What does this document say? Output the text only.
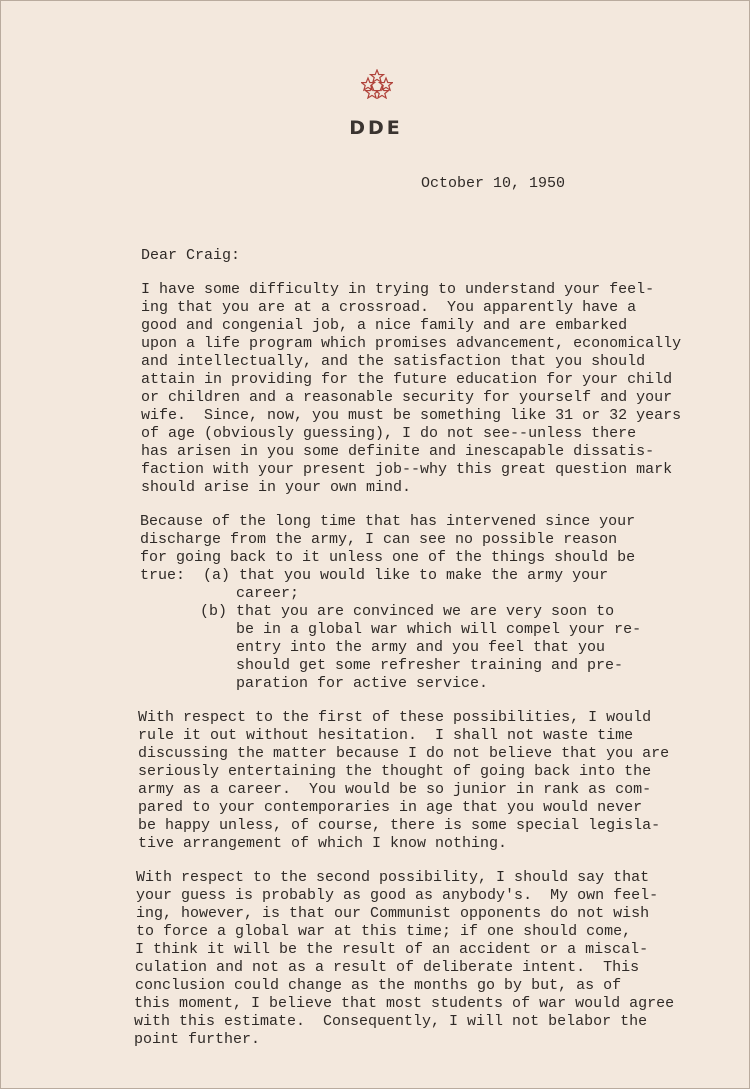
DDE
October 10, 1950
Dear Craig:
I have some difficulty in trying to understand your feel-
ing that you are at a crossroad.  You apparently have a
good and congenial job, a nice family and are embarked
upon a life program which promises advancement, economically
and intellectually, and the satisfaction that you should
attain in providing for the future education for your child
or children and a reasonable security for yourself and your
wife.  Since, now, you must be something like 31 or 32 years
of age (obviously guessing), I do not see--unless there
has arisen in you some definite and inescapable dissatis-
faction with your present job--why this great question mark
should arise in your own mind.
Because of the long time that has intervened since your
discharge from the army, I can see no possible reason
for going back to it unless one of the things should be
true:  (a) that you would like to make the army your
career;
(b) that you are convinced we are very soon to
be in a global war which will compel your re-
entry into the army and you feel that you
should get some refresher training and pre-
paration for active service.
With respect to the first of these possibilities, I would
rule it out without hesitation.  I shall not waste time
discussing the matter because I do not believe that you are
seriously entertaining the thought of going back into the
army as a career.  You would be so junior in rank as com-
pared to your contemporaries in age that you would never
be happy unless, of course, there is some special legisla-
tive arrangement of which I know nothing.
With respect to the second possibility, I should say that
your guess is probably as good as anybody's.  My own feel-
ing, however, is that our Communist opponents do not wish
to force a global war at this time; if one should come,
I think it will be the result of an accident or a miscal-
culation and not as a result of deliberate intent.  This
conclusion could change as the months go by but, as of
this moment, I believe that most students of war would agree
with this estimate.  Consequently, I will not belabor the
point further.
